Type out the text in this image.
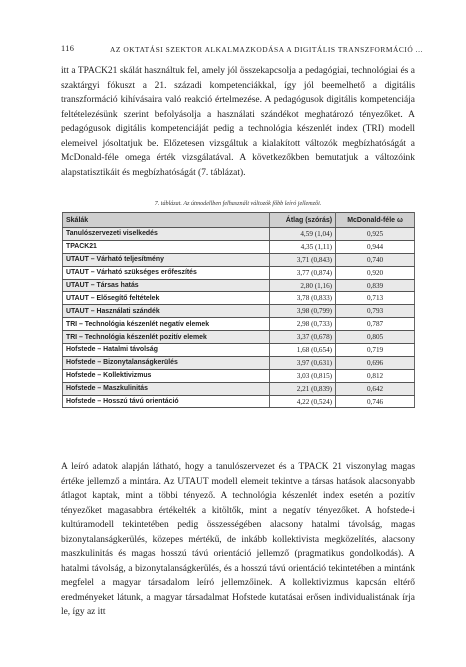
116	AZ OKTATÁSI SZEKTOR ALKALMAZKODÁSA A DIGITÁLIS TRANSZFORMÁCIÓ ...

itt a TPACK21 skálát használtuk fel, amely jól összekapcsolja a pedagógiai, technológiai és a szaktárgyi fókuszt a 21. századi kompetenciákkal, így jól beemelhető a digitális transzformáció kihívásaira való reakció értelmezése. A pedagógusok digitális kompetenciája feltételezésünk szerint befolyásolja a használati szándékot meghatározó tényezőket. A pedagógusok digitális kompetenciáját pedig a technológia készenlét index (TRI) modell elemeivel jósoltatjuk be. Előzetesen vizsgáltuk a kialakított változók megbízhatóságát a McDonald-féle omega érték vizsgálatával. A következőkben bemutatjuk a változóink alapstatisztikáit és megbízhatóságát (7. táblázat).

7. táblázat. Az útmodellben felhasznált változók főbb leíró jellemzői.
Skálák	Átlag (szórás)	McDonald-féle ω
Tanulószervezeti viselkedés	4,59 (1,04)	0,925
TPACK21	4,35 (1,11)	0,944
UTAUT – Várható teljesítmény	3,71 (0,843)	0,740
UTAUT – Várható szükséges erőfeszítés	3,77 (0,874)	0,920
UTAUT – Társas hatás	2,80 (1,16)	0,839
UTAUT – Elősegítő feltételek	3,78 (0,833)	0,713
UTAUT – Használati szándék	3,98 (0,799)	0,793
TRI – Technológia készenlét negatív elemek	2,98 (0,733)	0,787
TRI – Technológia készenlét pozitív elemek	3,37 (0,678)	0,805
Hofstede – Hatalmi távolság	1,68 (0,654)	0,719
Hofstede – Bizonytalanságkerülés	3,97 (0,631)	0,696
Hofstede – Kollektivizmus	3,03 (0,815)	0,812
Hofstede – Maszkulinitás	2,21 (0,839)	0,642
Hofstede – Hosszú távú orientáció	4,22 (0,524)	0,746

A leíró adatok alapján látható, hogy a tanulószervezet és a TPACK 21 viszonylag magas értéke jellemző a mintára. Az UTAUT modell elemeit tekintve a társas hatások alacsonyabb átlagot kaptak, mint a többi tényező. A technológia készenlét index esetén a pozitív tényezőket magasabbra értékelték a kitöltők, mint a negatív tényezőket. A hofstede-i kultúramodell tekintetében pedig összességében alacsony hatalmi távolság, magas bizonytalanságkerülés, közepes mértékű, de inkább kollektivista megközelítés, alacsony maszkulinitás és magas hosszú távú orientáció jellemző (pragmatikus gondolkodás). A hatalmi távolság, a bizonytalanságkerülés, és a hosszú távú orientáció tekintetében a mintánk megfelel a magyar társadalom leíró jellemzőinek. A kollektivizmus kapcsán eltérő eredményeket látunk, a magyar társadalmat Hofstede kutatásai erősen individualistának írja le, így az itt
